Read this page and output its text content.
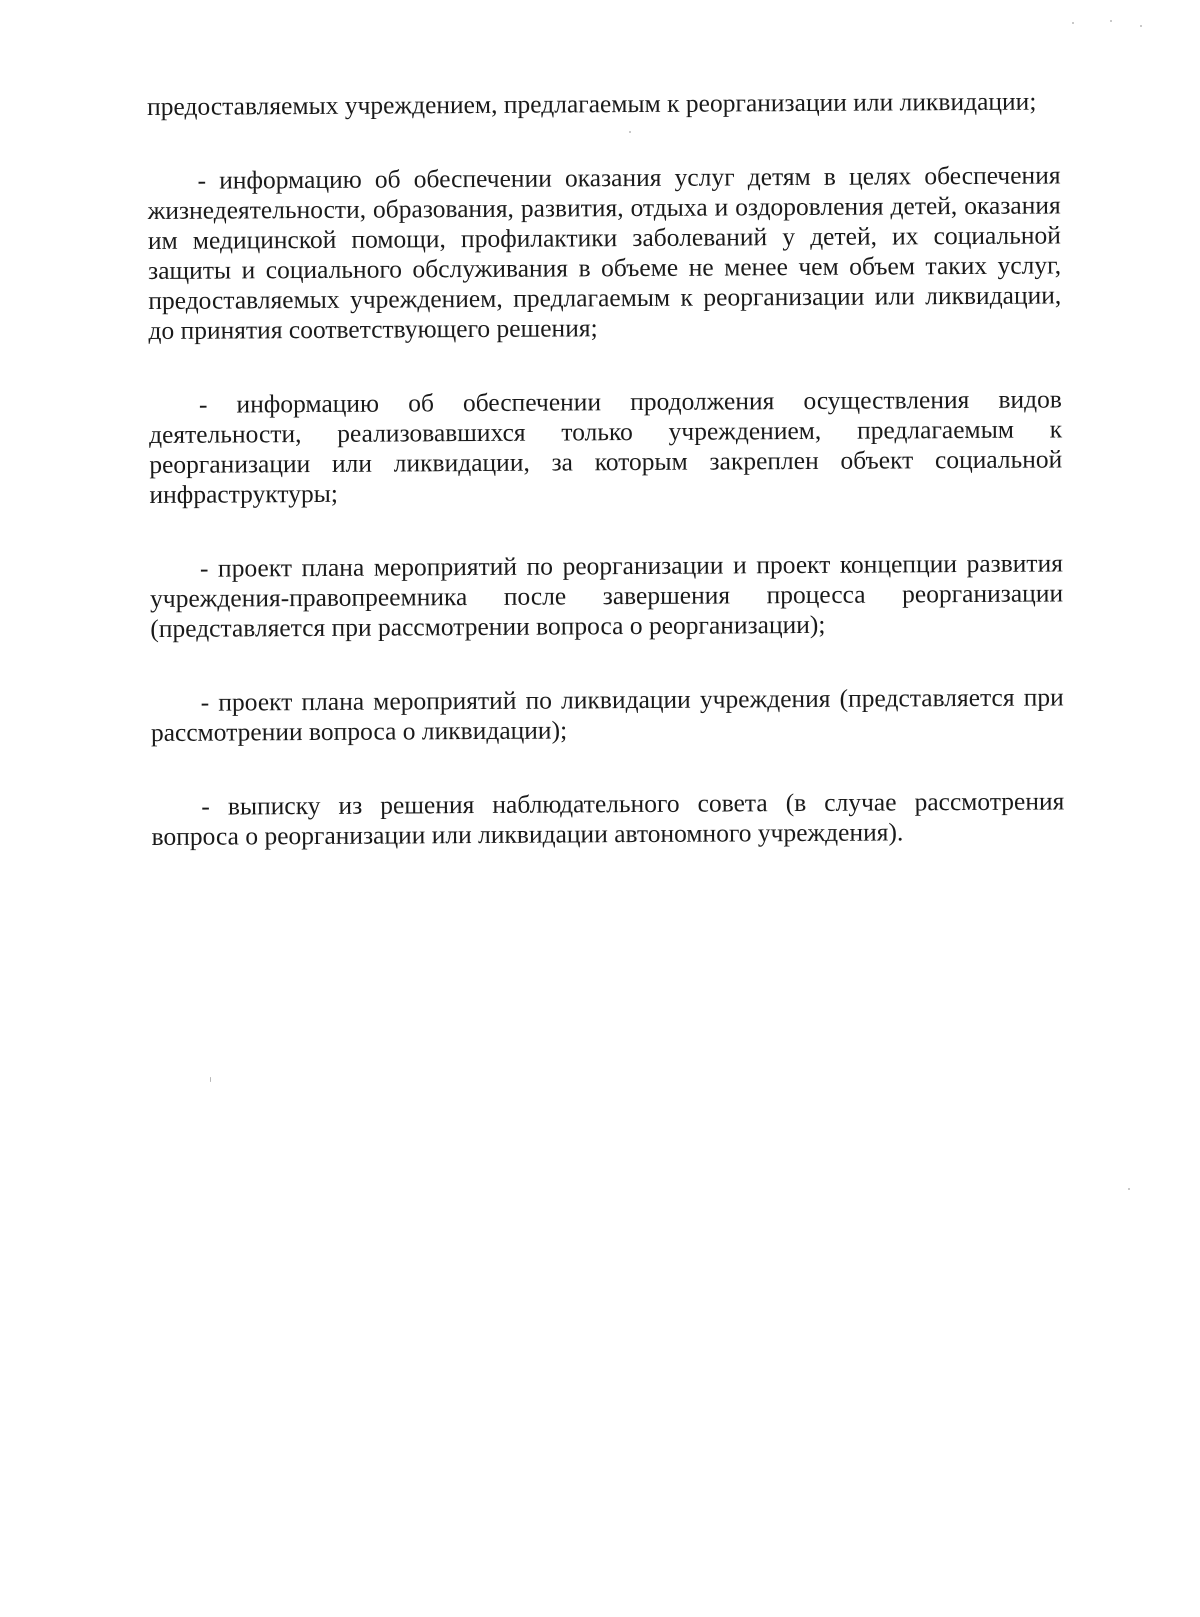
предоставляемых учреждением, предлагаемым к реорганизации или ликвидации;

- информацию об обеспечении оказания услуг детям в целях обеспечения жизнедеятельности, образования, развития, отдыха и оздоровления детей, оказания им медицинской помощи, профилактики заболеваний у детей, их социальной защиты и социального обслуживания в объеме не менее чем объем таких услуг, предоставляемых учреждением, предлагаемым к реорганизации или ликвидации, до принятия соответствующего решения;

- информацию об обеспечении продолжения осуществления видов деятельности, реализовавшихся только учреждением, предлагаемым к реорганизации или ликвидации, за которым закреплен объект социальной инфраструктуры;

- проект плана мероприятий по реорганизации и проект концепции развития учреждения-правопреемника после завершения процесса реорганизации (представляется при рассмотрении вопроса о реорганизации);

- проект плана мероприятий по ликвидации учреждения (представляется при рассмотрении вопроса о ликвидации);

- выписку из решения наблюдательного совета (в случае рассмотрения вопроса о реорганизации или ликвидации автономного учреждения).
